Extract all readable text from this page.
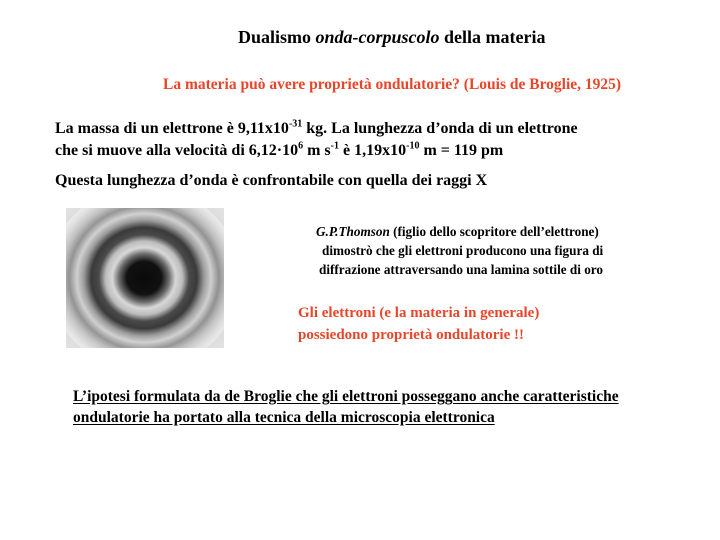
Dualismo onda-corpuscolo della materia
La materia può avere proprietà ondulatorie? (Louis de Broglie, 1925)
La massa di un elettrone è $9,11x10^{-31}$ kg. La lunghezza d’onda di un elettrone
che si muove alla velocità di $6,12\cdot 10^6$ m $s^{-1}$ è $1,19x10^{-10}$ m = 119 pm
Questa lunghezza d’onda è confrontabile con quella dei raggi X
G.P.Thomson (figlio dello scopritore dell’elettrone)
dimostrò che gli elettroni producono una figura di
diffrazione attraversando una lamina sottile di oro
Gli elettroni (e la materia in generale)
possiedono proprietà ondulatorie !!
L’ipotesi formulata da de Broglie che gli elettroni posseggano anche caratteristiche
ondulatorie ha portato alla tecnica della microscopia elettronica
